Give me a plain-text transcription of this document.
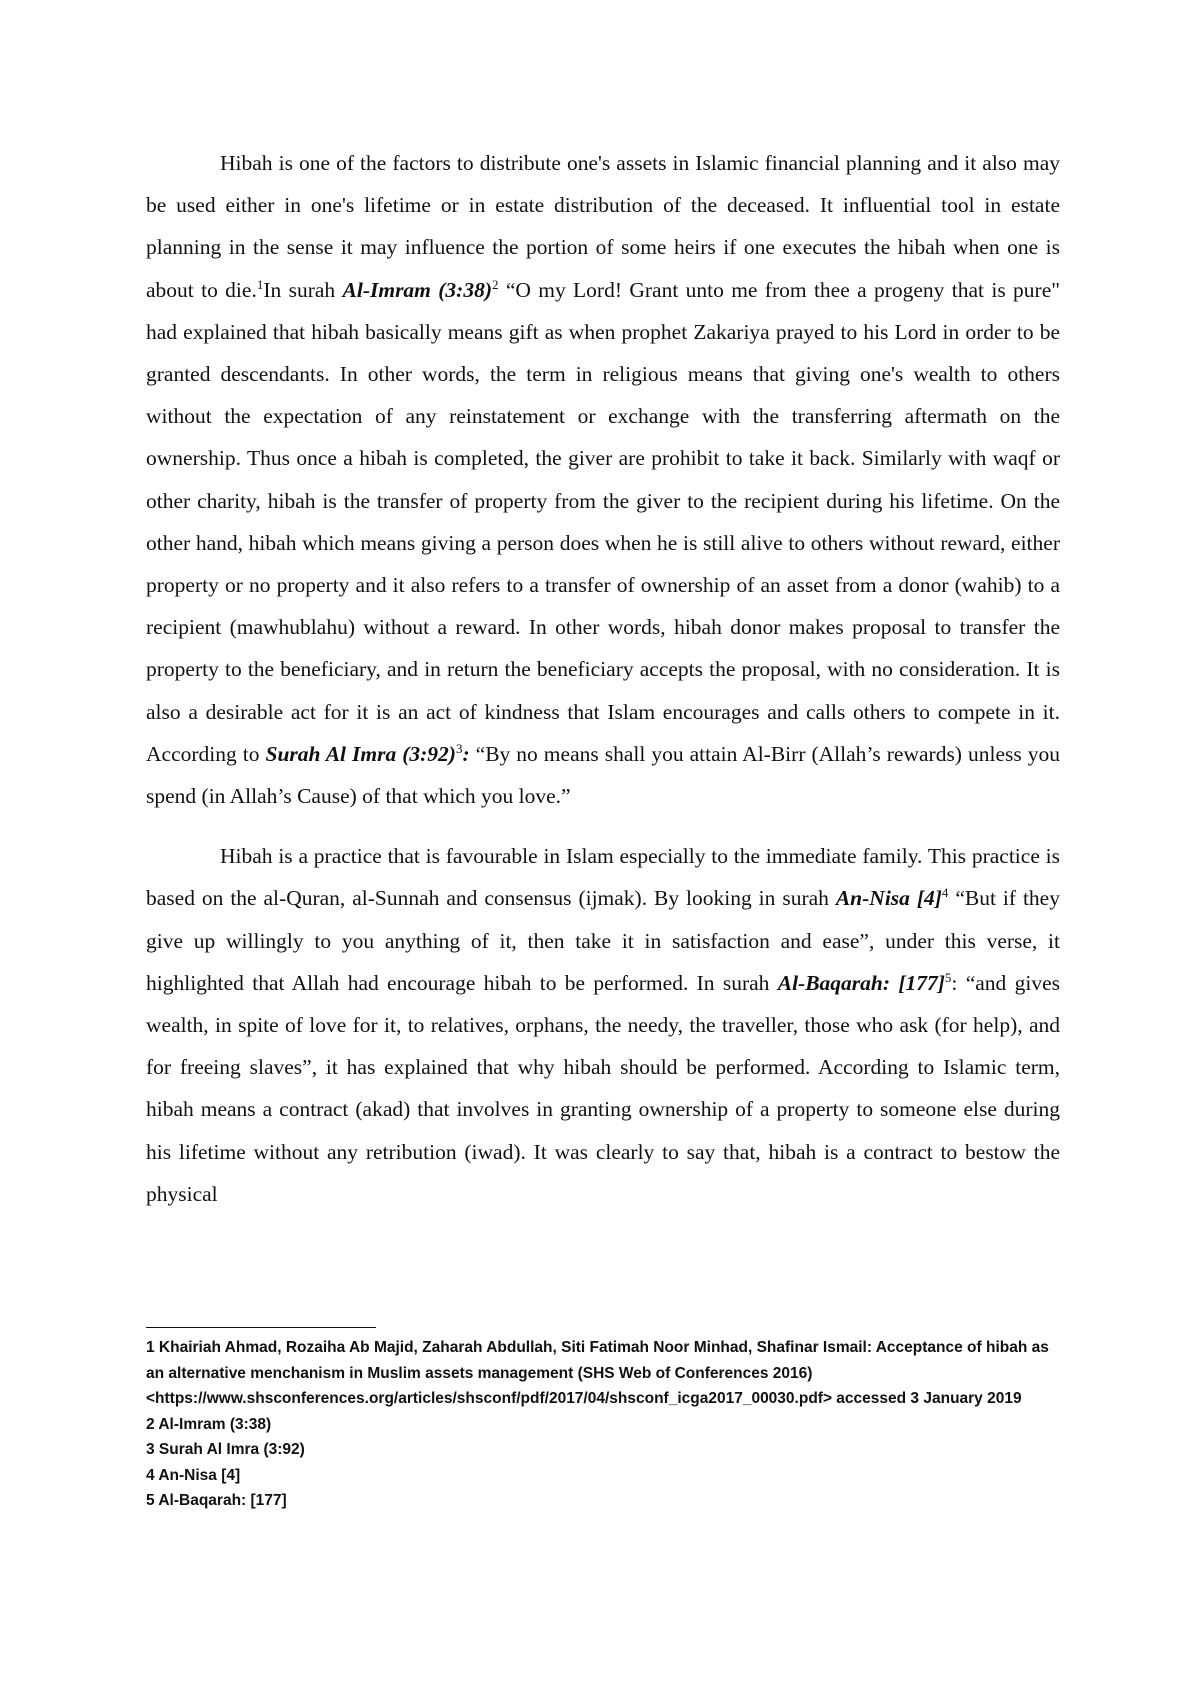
Hibah is one of the factors to distribute one's assets in Islamic financial planning and it also may be used either in one's lifetime or in estate distribution of the deceased. It influential tool in estate planning in the sense it may influence the portion of some heirs if one executes the hibah when one is about to die.$^1$In surah Al-Imram (3:38)$^2$ “O my Lord! Grant unto me from thee a progeny that is pure" had explained that hibah basically means gift as when prophet Zakariya prayed to his Lord in order to be granted descendants. In other words, the term in religious means that giving one's wealth to others without the expectation of any reinstatement or exchange with the transferring aftermath on the ownership. Thus once a hibah is completed, the giver are prohibit to take it back. Similarly with waqf or other charity, hibah is the transfer of property from the giver to the recipient during his lifetime. On the other hand, hibah which means giving a person does when he is still alive to others without reward, either property or no property and it also refers to a transfer of ownership of an asset from a donor (wahib) to a recipient (mawhublahu) without a reward. In other words, hibah donor makes proposal to transfer the property to the beneficiary, and in return the beneficiary accepts the proposal, with no consideration. It is also a desirable act for it is an act of kindness that Islam encourages and calls others to compete in it. According to Surah Al Imra (3:92)$^3$: “By no means shall you attain Al-Birr (Allah’s rewards) unless you spend (in Allah’s Cause) of that which you love.”

Hibah is a practice that is favourable in Islam especially to the immediate family. This practice is based on the al-Quran, al-Sunnah and consensus (ijmak). By looking in surah An-Nisa $[4]^4$ “But if they give up willingly to you anything of it, then take it in satisfaction and ease”, under this verse, it highlighted that Allah had encourage hibah to be performed. In surah Al-Baqarah: $[177]^5$: “and gives wealth, in spite of love for it, to relatives, orphans, the needy, the traveller, those who ask (for help), and for freeing slaves”, it has explained that why hibah should be performed. According to Islamic term, hibah means a contract (akad) that involves in granting ownership of a property to someone else during his lifetime without any retribution (iwad). It was clearly to say that, hibah is a contract to bestow the physical

1 Khairiah Ahmad, Rozaiha Ab Majid, Zaharah Abdullah, Siti Fatimah Noor Minhad, Shafinar Ismail: Acceptance of hibah as an alternative menchanism in Muslim assets management (SHS Web of Conferences 2016) <https://www.shsconferences.org/articles/shsconf/pdf/2017/04/shsconf_icga2017_00030.pdf> accessed 3 January 2019

2 Al-Imram (3:38)

3 Surah Al Imra (3:92)

4 An-Nisa [4]

5 Al-Baqarah: [177]
